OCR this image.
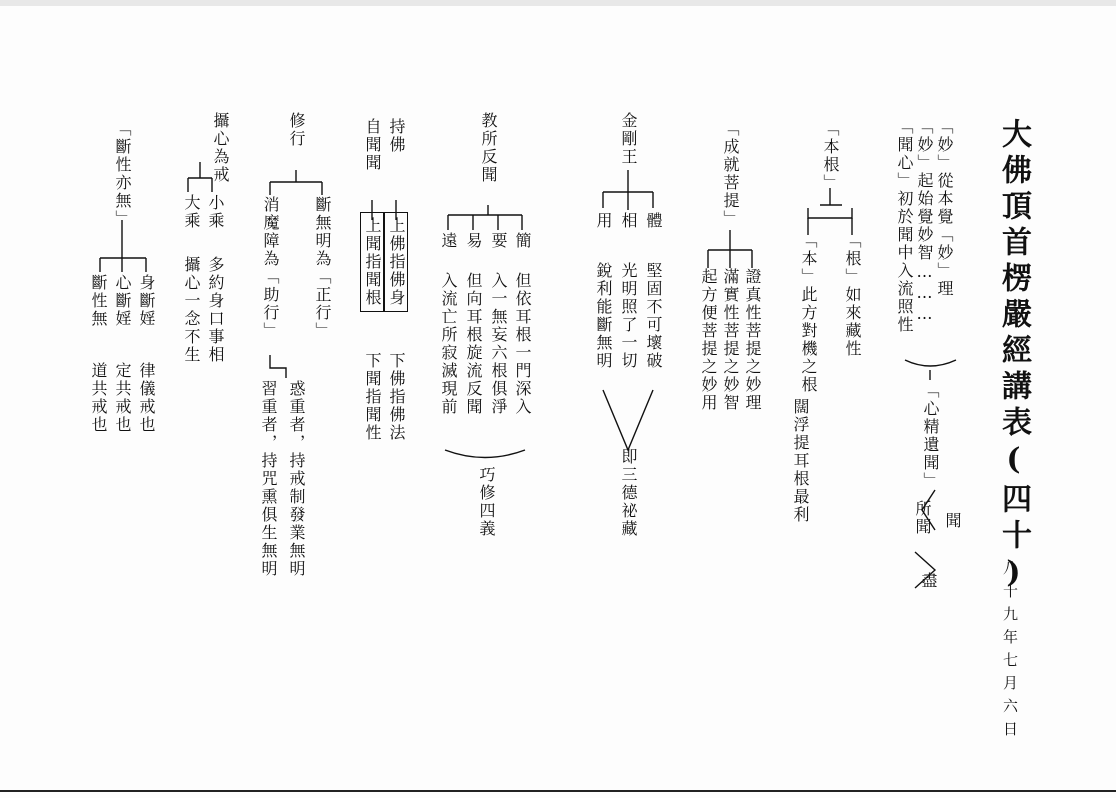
大佛頂首楞嚴經講表(四十)
八十九年七月六日
「妙」從本覺「妙」理
「妙」起始覺妙智………
「聞心」初於聞中入流照性
「心精遺聞」
聞
所聞
盡
「本根」
「根」如來藏性
「本」此方對機之根
闊浮提耳根最利
「成就菩提」
證真性菩提之妙理
滿實性菩提之妙智
起方便菩提之妙用
金剛王
用 相 體
銳利能斷無明 光明照了一切 堅固不可壞破
即三德祕藏
教所反聞
遠 易 要 簡
入流亡所寂滅現前 但向耳根旋流反聞 入一無妄六根俱淨 但依耳根一門深入
巧修四義
持佛
上佛指佛身
下佛指佛法
自聞聞
上聞指聞根
下聞指聞性
修行
斷無明為「正行」
消魔障為「助行」
惑重者，持戒制發業無明
習重者，持咒熏俱生無明
攝心為戒
小乘
多約身口事相
大乘
攝心一念不生
「斷性亦無」
身斷婬
律儀戒也
心斷婬
定共戒也
斷性無
道共戒也
